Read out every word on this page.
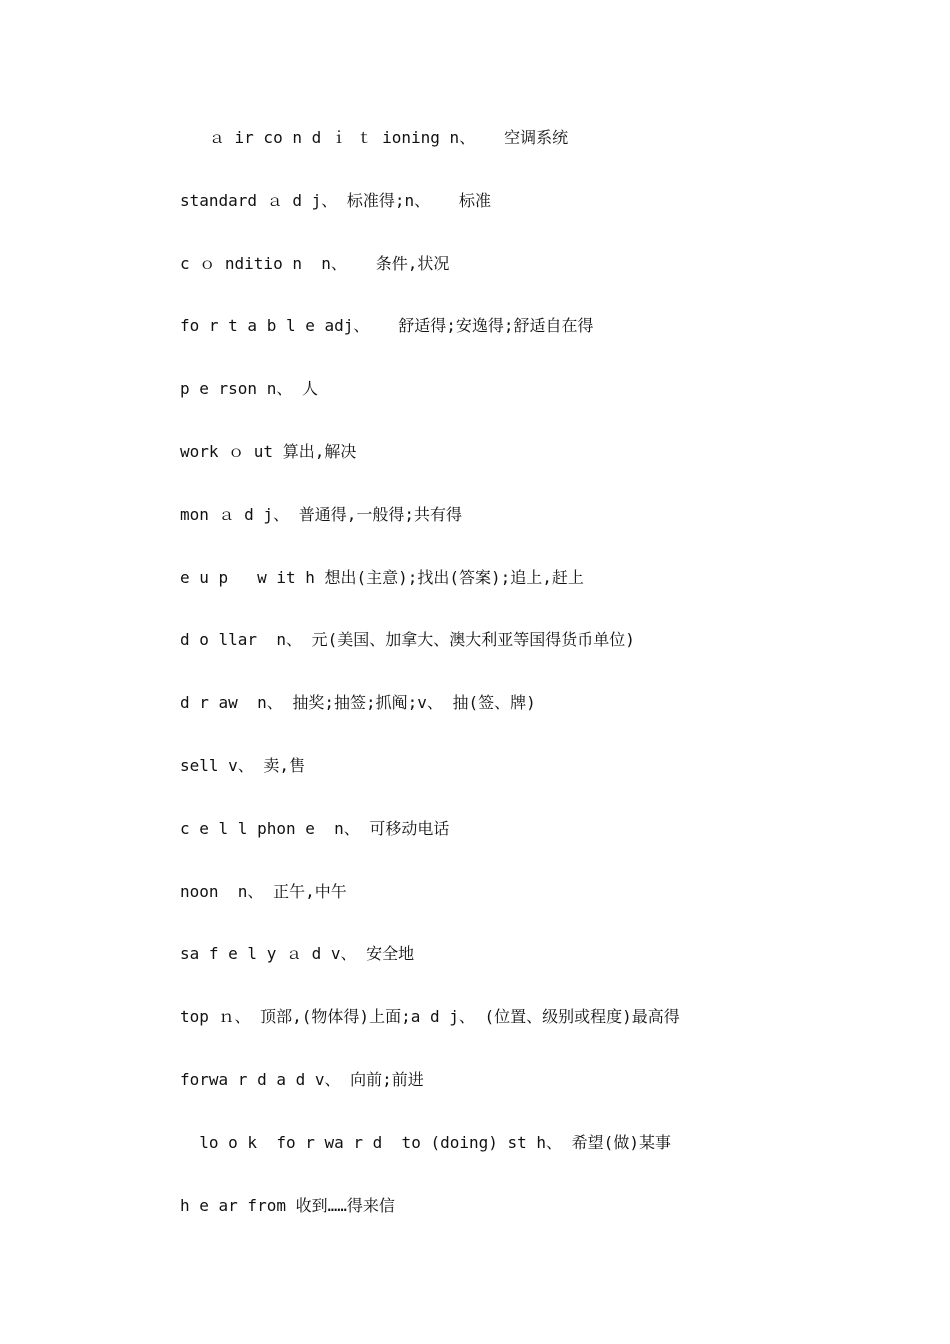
ａ ir co n d ｉ ｔ ioning n、   空调系统
standard ａ d j、 标准得;n、   标准
c ｏ nditio n  n、   条件,状况
fo r t a b l e adj、   舒适得;安逸得;舒适自在得
p e rson n、 人
work ｏ ut 算出,解决
mon ａ d j、 普通得,一般得;共有得
e u p   w it h 想出(主意);找出(答案);追上,赶上
d o llar  n、 元(美国、加拿大、澳大利亚等国得货币单位)
d r aw  n、 抽奖;抽签;抓阄;v、 抽(签、牌)
sell v、 卖,售
c e l l phon e  n、 可移动电话
noon  n、 正午,中午
sa f e l y ａ d v、 安全地
top ｎ、 顶部,(物体得)上面;a d j、 (位置、级别或程度)最高得
forwa r d a d v、 向前;前进
lo o k  fo r wa r d  to (doing) st h、 希望(做)某事
h e ar from 收到……得来信
